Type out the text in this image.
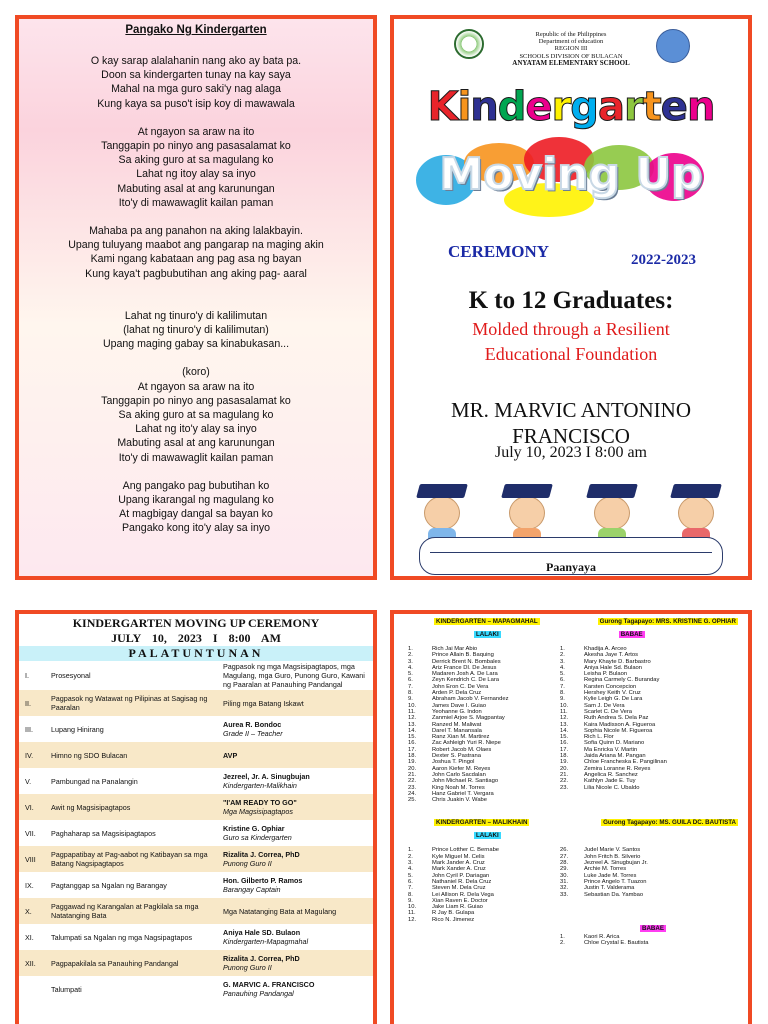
Pangako Ng Kindergarten
O kay sarap alalahanin nang ako ay bata pa.
Doon sa kindergarten tunay na kay saya
Mahal na mga guro saki'y nag alaga
Kung kaya sa puso't isip koy di mawawala
At ngayon sa araw na ito
Tanggapin po ninyo ang pasasalamat ko
Sa aking guro at sa magulang ko
Lahat ng itoy alay sa inyo
Mabuting asal at ang karunungan
Ito'y di mawawaglit kailan paman
Mahaba pa ang panahon na aking lalakbayin.
Upang tuluyang maabot ang pangarap na maging akin
Kami ngang kabataan ang pag asa ng bayan
Kung kaya't pagbubutihan ang aking pag- aaral
Lahat ng tinuro'y di kalilimutan
(lahat ng tinuro'y di kalilimutan)
Upang maging gabay sa kinabukasan...
(koro)
At ngayon sa araw na ito
Tanggapin po ninyo ang pasasalamat ko
Sa aking guro at sa magulang ko
Lahat ng ito'y alay sa inyo
Mabuting asal at ang karunungan
Ito'y di mawawaglit kailan paman
Ang pangako pag bubutihan ko
Upang ikarangal ng magulang ko
At magbigay dangal sa bayan ko
Pangako kong ito'y alay sa inyo
Republic of the Philippines
Department of education
REGION III
SCHOOLS DIVISION OF BULACAN
ANYATAM ELEMENTARY SCHOOL
Kindergarten
Moving Up
CEREMONY	2022-2023
K to 12 Graduates:
Molded through a Resilient
Educational Foundation
MR. MARVIC ANTONINO FRANCISCO
July 10, 2023 I 8:00 am
Paanyaya
KINDERGARTEN MOVING UP CEREMONY
JULY 10, 2023 I 8:00 AM
PALATUNTUNAN
I.	Prosesyonal	Pagpasok ng mga Magsisipagtapos, mga Magulang, mga Guro, Punong Guro, Kawani ng Paaralan at Panauhing Pandangal
II.	Pagpasok ng Watawat ng Pilipinas at Sagisag ng Paaralan	Piling mga Batang Iskawt
III.	Lupang Hinirang	Aurea R. Bondoc
Grade II – Teacher

IV.	Himno ng SDO Bulacan	AVP
V.	Pambungad na Panalangin	Jezreel, Jr. A. Sinugbujan
Kindergarten-Malikhain

VI.	Awit ng Magsisipagtapos	"I'AM READY TO GO"
Mga Magsisipagtapos

VII.	Paghaharap sa Magsisipagtapos	Kristine G. Ophiar
Guro sa Kindergarten

VIII	Pagpapatibay at Pag-aabot ng Katibayan sa mga Batang Nagsipagtapos	Rizalita J. Correa, PhD
Punong Guro II

IX.	Pagtanggap sa Ngalan ng Barangay	Hon. Gilberto P. Ramos
Barangay Captain

X.	Paggawad ng Karangalan at Pagkilala sa mga Natatanging Bata	Mga Natatanging Bata at Magulang
XI.	Talumpati sa Ngalan ng mga Nagsipagtapos	Aniya Hale SD. Bulaon
Kindergarten-Mapagmahal

XII.	Pagpapakilala sa Panauhing Pandangal	Rizalita J. Correa, PhD
Punong Guro II

	Talumpati	G. MARVIC A. FRANCISCO
Panauhing Pandangal
KINDERGARTEN – MAPAGMAHAL	Gurong Tagapayo: MRS. KRISTINE G. OPHIAR
LALAKI	BABAE
1.	Rich Jai Mar Abio
2.	Prince Allain B. Baquing
3.	Derrick Brent N. Bombales
4.	Ariz France DI. De Jesus
5.	Madaren Josh A. De Lara
6.	Zeyn Kendrich C. De Lara
7.	John Eron C. De Vera
8.	Arden P. Dela Cruz
9.	Abraham Jacob V. Fernandez
10.	James Dave I. Guiao
11.	Yeohanne G. Indon
12.	Zanmiel Arjoe S. Magpantay
13.	Ranzed M. Maliwat
14.	Darel T. Manansala
15.	Ranz Xian M. Martirez
16.	Zac Ashleigh Yuri R. Niepe
17.	Robert Jacob M. Olaes
18.	Dexter S. Pastrana
19.	Joshua T. Pingol
20.	Aaron Kiefer M. Reyes
21.	John Carlo Sacdalan
22.	John Michael R. Santiago
23.	King Noah M. Torres
24.	Hanz Gabriel T. Vergara
25.	Chris Juakin V. Wabe
1.	Khadija A. Arceo
2.	Akesha Jaye T. Artos
3.	Mary Khayte D. Barbastro
4.	Aniya Hale Sd. Bulaon
5.	Leisha P. Bulaon
6.	Regina Carmely C. Buranday
7.	Karsten Concepcion
8.	Hershey Keith V. Cruz
9.	Kylie Leigh G. De Lara
10.	Sam J. De Vera
11.	Scarlet C. De Vera
12.	Ruth Andrea S. Dela Paz
13.	Kaira Madisson A. Figueroa
14.	Sophia Nicole M. Figueroa
15.	Rich L. Flor
16.	Sofia Quinn D. Mariano
17.	Ma Enricka V. Martin
18.	Jaida Ariana M. Pangan
19.	Chloe Francheska E. Pangilinan
20.	Zemira Loranne R. Reyes
21.	Angelica R. Sanchez
22.	Kathlyn Jade E. Tuy
23.	Lilia Nicole C. Ubaldo
KINDERGARTEN – MALIKHAIN	Gurong Tagapayo: MS. GUILA DC. BAUTISTA
LALAKI
1.	Prince Lotther C. Bernabe
2.	Kyle Miguel M. Celis
3.	Mark Jander A. Cruz
4.	Mark Xander A. Cruz
5.	John Cyril P. Dariagan
6.	Nathaniel R. Dela Cruz
7.	Steven M. Dela Cruz
8.	Lei Allison R. Dela Vega
9.	Xian Raven E. Doctor
10.	Jake Liam R. Guiao
11.	R Jay B. Gulapa
12.	Rico N. Jimenez
26.	Judel Marie V. Santos
27.	John Fritch B. Silverio
28.	Jezreel A. Sinugbujan Jr.
29.	Archie M. Torres
30.	Luke Jade M. Torres
31.	Prince Angelo T. Tuazon
32.	Justin T. Valderama
33.	Sebastian Da. Yambao
BABAE
1.	Kaori R. Arica
2.	Chloe Crystal E. Bautista
